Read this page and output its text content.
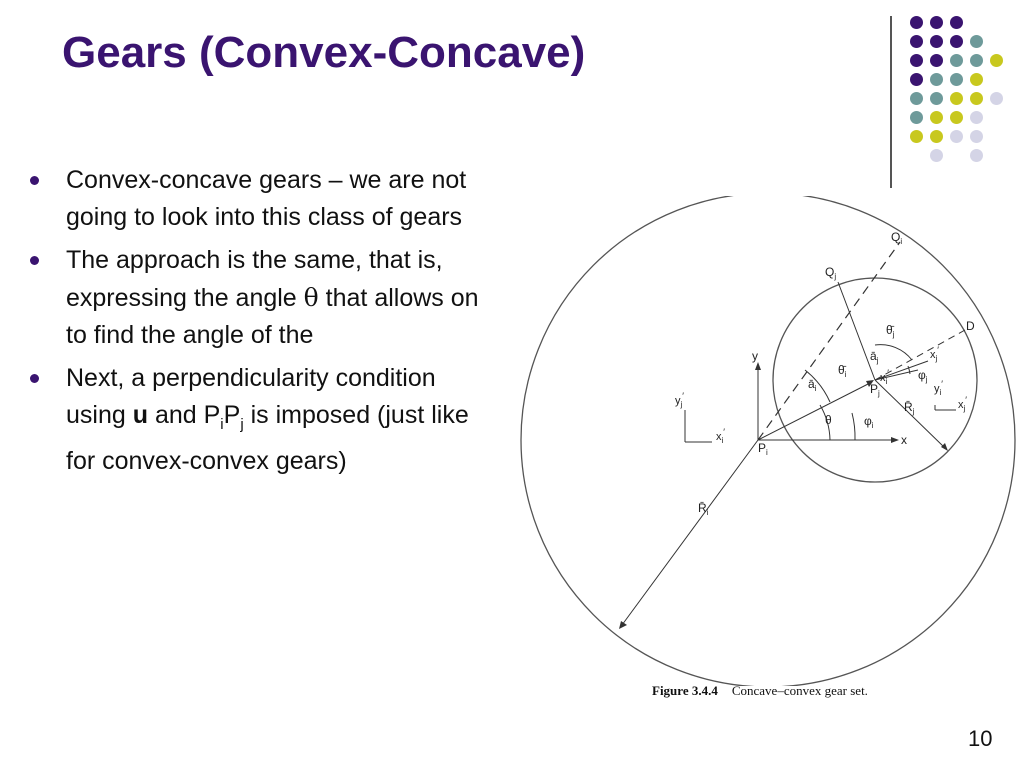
Gears (Convex-Concave)
Convex-concave gears – we are not going to look into this class of gears
The approach is the same, that is, expressing the angle θ that allows on to find the angle of the
Next, a perpendicularity condition using u and $P_iP_j$ is imposed (just like for convex-convex gears)
$Q_i$
$Q_j$
D
y
x
$P_i$
$P_j$
$\thetā_i$
$\thetā_j$
$ā_j$
$ā_i$
θ	$\varphi_i$
$\varphi_j$
$R̄_j$
$R̄_i$
$x_j'$
$x_i'$
$y_i'$
$x_j'$
$y_j'$
$x_i'$
Figure 3.4.4 Concave–convex gear set.
10
